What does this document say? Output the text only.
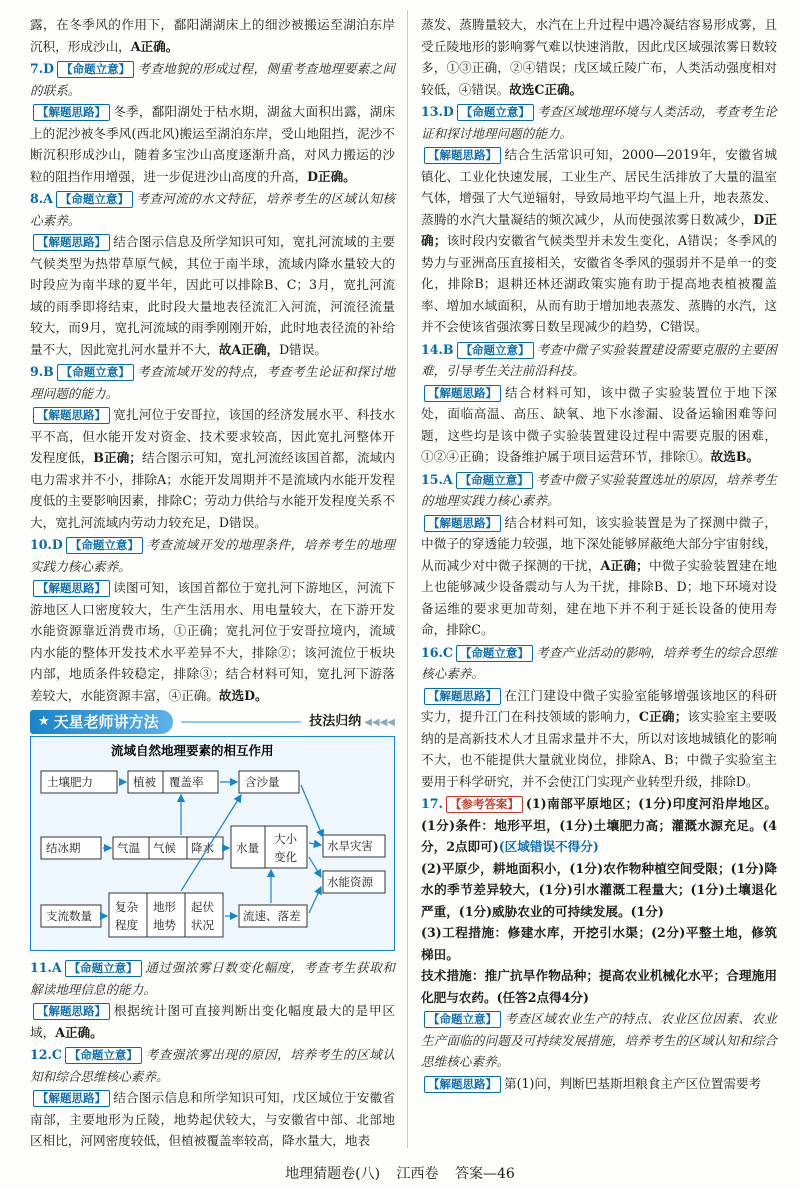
露，在冬季风的作用下，鄱阳湖湖床上的细沙被搬运至湖泊东岸沉积，形成沙山，A正确。

7.D 【命题立意】 考查地貌的形成过程，侧重考查地理要素之间的联系。

【解题思路】 冬季，鄱阳湖处于枯水期，湖盆大面积出露，湖床上的泥沙被冬季风(西北风)搬运至湖泊东岸，受山地阻挡，泥沙不断沉积形成沙山，随着多宝沙山高度逐渐升高，对风力搬运的沙粒的阻挡作用增强，进一步促进沙山高度的升高，D正确。

8.A 【命题立意】 考查河流的水文特征，培养考生的区域认知核心素养。

【解题思路】 结合图示信息及所学知识可知，宽扎河流域的主要气候类型为热带草原气候，其位于南半球，流域内降水量较大的时段应为南半球的夏半年，因此可以排除B、C；3月，宽扎河流域的雨季即将结束，此时段大量地表径流汇入河流，河流径流量较大，而9月，宽扎河流域的雨季刚刚开始，此时地表径流的补给量不大，因此宽扎河水量并不大，故A正确，D错误。

9.B 【命题立意】 考查流域开发的特点，考查考生论证和探讨地理问题的能力。

【解题思路】 宽扎河位于安哥拉，该国的经济发展水平、科技水平不高，但水能开发对资金、技术要求较高，因此宽扎河整体开发程度低，B正确；结合图示可知，宽扎河流经该国首都，流域内电力需求并不小，排除A；水能开发周期并不是流域内水能开发程度低的主要影响因素，排除C；劳动力供给与水能开发程度关系不大，宽扎河流域内劳动力较充足，D错误。

10.D 【命题立意】 考查流域开发的地理条件，培养考生的地理实践力核心素养。

【解题思路】 读图可知，该国首都位于宽扎河下游地区，河流下游地区人口密度较大，生产生活用水、用电量较大，在下游开发水能资源靠近消费市场，①正确；宽扎河位于安哥拉境内，流域内水能的整体开发技术水平差异不大，排除②；该河流位于板块内部，地质条件较稳定，排除③；结合材料可知，宽扎河下游落差较大，水能资源丰富，④正确。故选D。

★ 天星老师讲方法	技法归纳 ◀◀◀◀
流域自然地理要素的相互作用
土壤肥力	植被 覆盖率	含沙量
结冰期	气温 气候 降水 水量
大小
变化
水旱灾害
水能资源
支流数量
复杂
程度
地形
地势
起伏
状况
流速、落差

11.A 【命题立意】 通过强浓雾日数变化幅度，考查考生获取和解读地理信息的能力。

【解题思路】 根据统计图可直接判断出变化幅度最大的是甲区域，A正确。

12.C 【命题立意】 考查强浓雾出现的原因，培养考生的区域认知和综合思维核心素养。

【解题思路】 结合图示信息和所学知识可知，戊区域位于安徽省南部，主要地形为丘陵，地势起伏较大，与安徽省中部、北部地区相比，河网密度较低，但植被覆盖率较高，降水量大，地表

蒸发、蒸腾量较大，水汽在上升过程中遇冷凝结容易形成雾，且受丘陵地形的影响雾气难以快速消散，因此戊区域强浓雾日数较多，①③正确，②④错误；戊区域丘陵广布，人类活动强度相对较低，④错误。故选C正确。

13.D 【命题立意】 考查区域地理环境与人类活动，考查考生论证和探讨地理问题的能力。

【解题思路】 结合生活常识可知，2000—2019年，安徽省城镇化、工业化快速发展，工业生产、居民生活排放了大量的温室气体，增强了大气逆辐射，导致局地平均气温上升，地表蒸发、蒸腾的水汽大量凝结的频次减少，从而使强浓雾日数减少，D正确；该时段内安徽省气候类型并未发生变化，A错误；冬季风的势力与亚洲高压直接相关，安徽省冬季风的强弱并不是单一的变化，排除B；退耕还林还湖政策实施有助于提高地表植被覆盖率、增加水域面积，从而有助于增加地表蒸发、蒸腾的水汽，这并不会使该省强浓雾日数呈现减少的趋势，C错误。

14.B 【命题立意】 考查中微子实验装置建设需要克服的主要困难，引导考生关注前沿科技。

【解题思路】 结合材料可知，该中微子实验装置位于地下深处，面临高温、高压、缺氧、地下水渗漏、设备运输困难等问题，这些均是该中微子实验装置建设过程中需要克服的困难，①②④正确；设备维护属于项目运营环节，排除①。故选B。

15.A 【命题立意】 考查中微子实验装置选址的原因，培养考生的地理实践力核心素养。

【解题思路】 结合材料可知，该实验装置是为了探测中微子，中微子的穿透能力较强，地下深处能够屏蔽绝大部分宇宙射线，从而减少对中微子探测的干扰，A正确；中微子实验装置建在地上也能够减少设备震动与人为干扰，排除B、D；地下环境对设备运维的要求更加苛刻，建在地下并不利于延长设备的使用寿命，排除C。

16.C 【命题立意】 考查产业活动的影响，培养考生的综合思维核心素养。

【解题思路】 在江门建设中微子实验室能够增强该地区的科研实力，提升江门在科技领域的影响力，C正确；该实验室主要吸纳的是高新技术人才且需求量并不大，所以对该地城镇化的影响不大，也不能提供大量就业岗位，排除A、B；中微子实验室主要用于科学研究，并不会使江门实现产业转型升级，排除D。

17. 【参考答案】 (1)南部平原地区；(1分)印度河沿岸地区。(1分)条件：地形平坦，(1分)土壤肥力高；灌溉水源充足。(4分，2点即可)(区域错误不得分)

(2)平原少，耕地面积小，(1分)农作物种植空间受限；(1分)降水的季节差异较大，(1分)引水灌溉工程量大；(1分)土壤退化严重，(1分)威胁农业的可持续发展。(1分)

(3)工程措施：修建水库，开挖引水渠；(2分)平整土地，修筑梯田。

技术措施：推广抗旱作物品种；提高农业机械化水平；合理施用化肥与农药。(任答2点得4分)

【命题立意】 考查区域农业生产的特点、农业区位因素、农业生产面临的问题及可持续发展措施，培养考生的区域认知和综合思维核心素养。

【解题思路】 第(1)问，判断巴基斯坦粮食主产区位置需要考

地理猜题卷(八) 江西卷 答案—46
